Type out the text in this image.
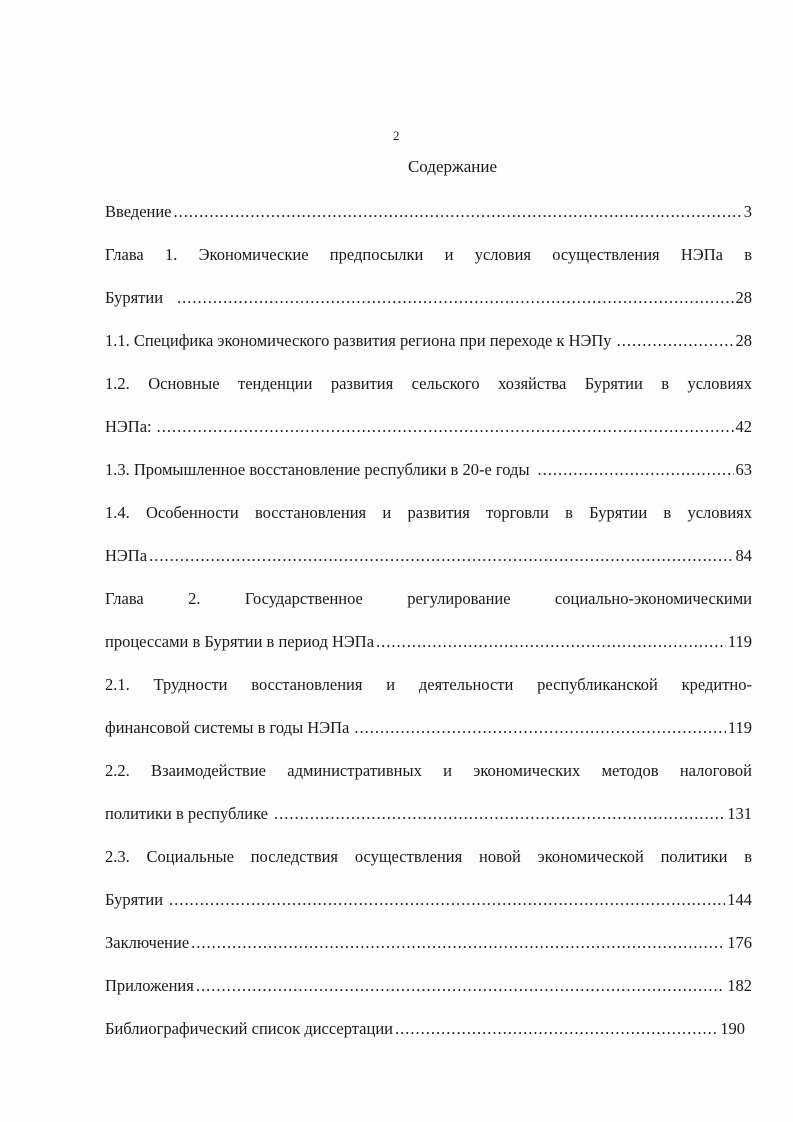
2
Содержание
Введение .....	3
Глава 1. Экономические предпосылки и условия осуществления НЭПа в
Бурятии .....	28
1.1. Специфика экономического развития региона при переходе к НЭПу .....	28
1.2. Основные тенденции развития сельского хозяйства Бурятии в условиях
НЭПа: .....	42
1.3. Промышленное восстановление республики в 20-е годы .....	63
1.4. Особенности восстановления и развития торговли в Бурятии в условиях
НЭПа .....	84
Глава 2. Государственное регулирование социально-экономическими
процессами в Бурятии в период НЭПа .....	119
2.1. Трудности восстановления и деятельности республиканской кредитно-
финансовой системы в годы НЭПа .....	119
2.2. Взаимодействие административных и экономических методов налоговой
политики в республике .....	131
2.3. Социальные последствия осуществления новой экономической политики в
Бурятии .....	144
Заключение .....	176
Приложения .....	182
Библиографический список диссертации .....	190
